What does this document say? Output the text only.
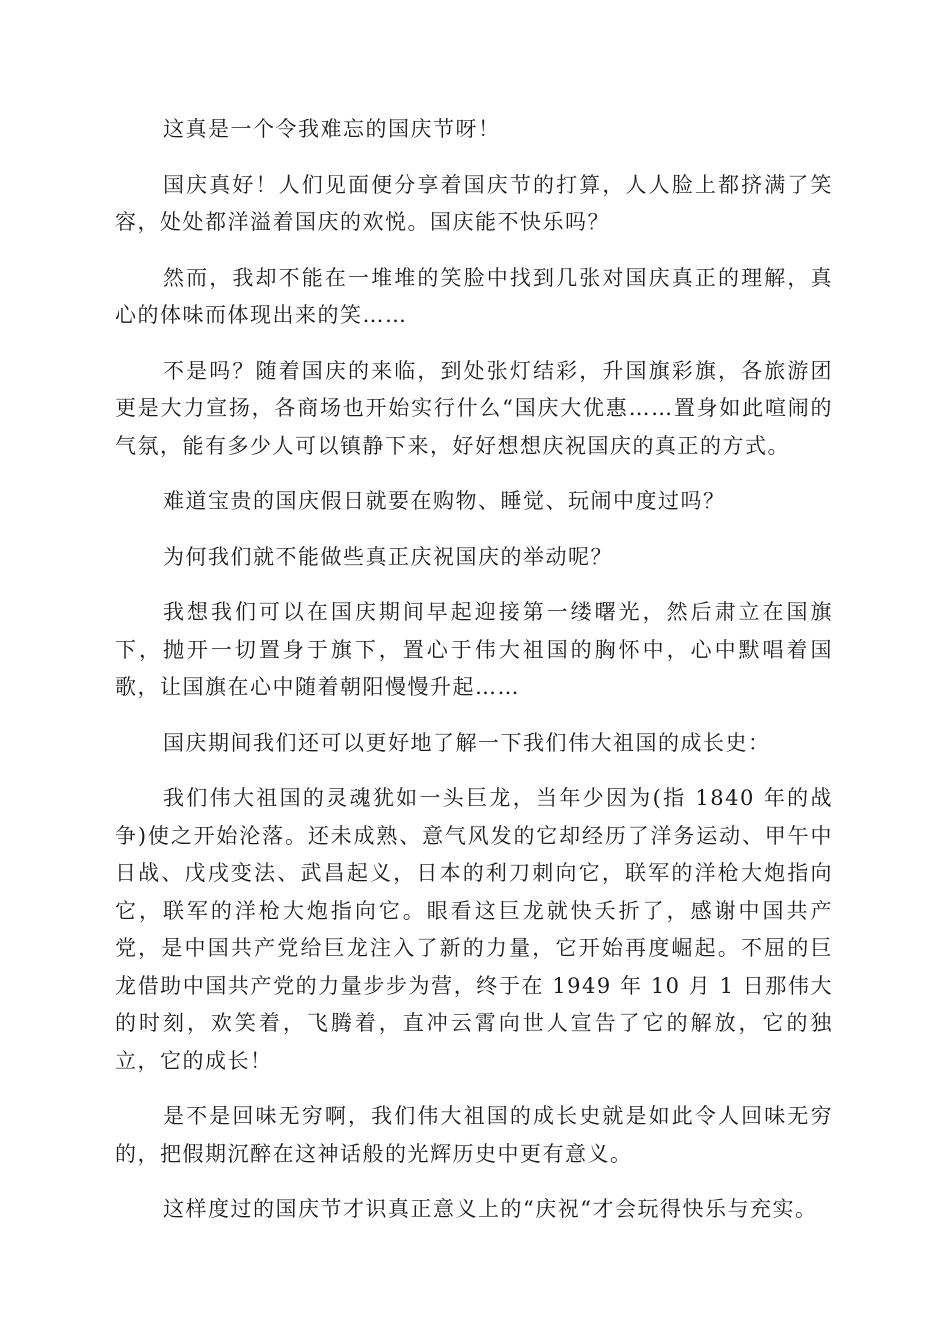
这真是一个令我难忘的国庆节呀！

国庆真好！人们见面便分享着国庆节的打算，人人脸上都挤满了笑容，处处都洋溢着国庆的欢悦。国庆能不快乐吗？

然而，我却不能在一堆堆的笑脸中找到几张对国庆真正的理解，真心的体味而体现出来的笑……

不是吗？随着国庆的来临，到处张灯结彩，升国旗彩旗，各旅游团更是大力宣扬，各商场也开始实行什么“国庆大优惠……置身如此喧闹的气氛，能有多少人可以镇静下来，好好想想庆祝国庆的真正的方式。

难道宝贵的国庆假日就要在购物、睡觉、玩闹中度过吗？

为何我们就不能做些真正庆祝国庆的举动呢？

我想我们可以在国庆期间早起迎接第一缕曙光，然后肃立在国旗下，抛开一切置身于旗下，置心于伟大祖国的胸怀中，心中默唱着国歌，让国旗在心中随着朝阳慢慢升起……

国庆期间我们还可以更好地了解一下我们伟大祖国的成长史：

我们伟大祖国的灵魂犹如一头巨龙，当年少因为(指 1840 年的战争)使之开始沦落。还未成熟、意气风发的它却经历了洋务运动、甲午中日战、戊戌变法、武昌起义，日本的利刀刺向它，联军的洋枪大炮指向它，联军的洋枪大炮指向它。眼看这巨龙就快夭折了，感谢中国共产党，是中国共产党给巨龙注入了新的力量，它开始再度崛起。不屈的巨龙借助中国共产党的力量步步为营，终于在 1949 年 10 月 1 日那伟大的时刻，欢笑着，飞腾着，直冲云霄向世人宣告了它的解放，它的独立，它的成长！

是不是回味无穷啊，我们伟大祖国的成长史就是如此令人回味无穷的，把假期沉醉在这神话般的光辉历史中更有意义。

这样度过的国庆节才识真正意义上的“庆祝“才会玩得快乐与充实。
